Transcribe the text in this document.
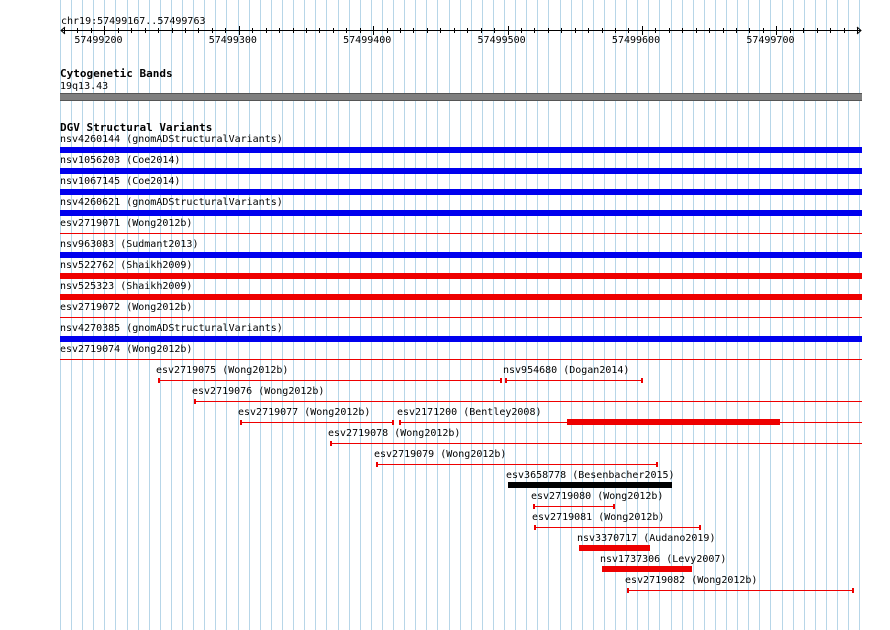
chr19:57499167..57499763
57499200	57499300	57499400	57499500	57499600	57499700
Cytogenetic Bands
19q13.43
DGV Structural Variants
nsv4260144 (gnomADStructuralVariants)
nsv1056203 (Coe2014)
nsv1067145 (Coe2014)
nsv4260621 (gnomADStructuralVariants)
esv2719071 (Wong2012b)
nsv963083 (Sudmant2013)
nsv522762 (Shaikh2009)
nsv525323 (Shaikh2009)
esv2719072 (Wong2012b)
nsv4270385 (gnomADStructuralVariants)
esv2719074 (Wong2012b)
esv2719075 (Wong2012b)	nsv954680 (Dogan2014)
esv2719076 (Wong2012b)
esv2719077 (Wong2012b)	esv2171200 (Bentley2008)
esv2719078 (Wong2012b)
esv2719079 (Wong2012b)
esv3658778 (Besenbacher2015)
esv2719080 (Wong2012b)
esv2719081 (Wong2012b)
nsv3370717 (Audano2019)
nsv1737306 (Levy2007)
esv2719082 (Wong2012b)
